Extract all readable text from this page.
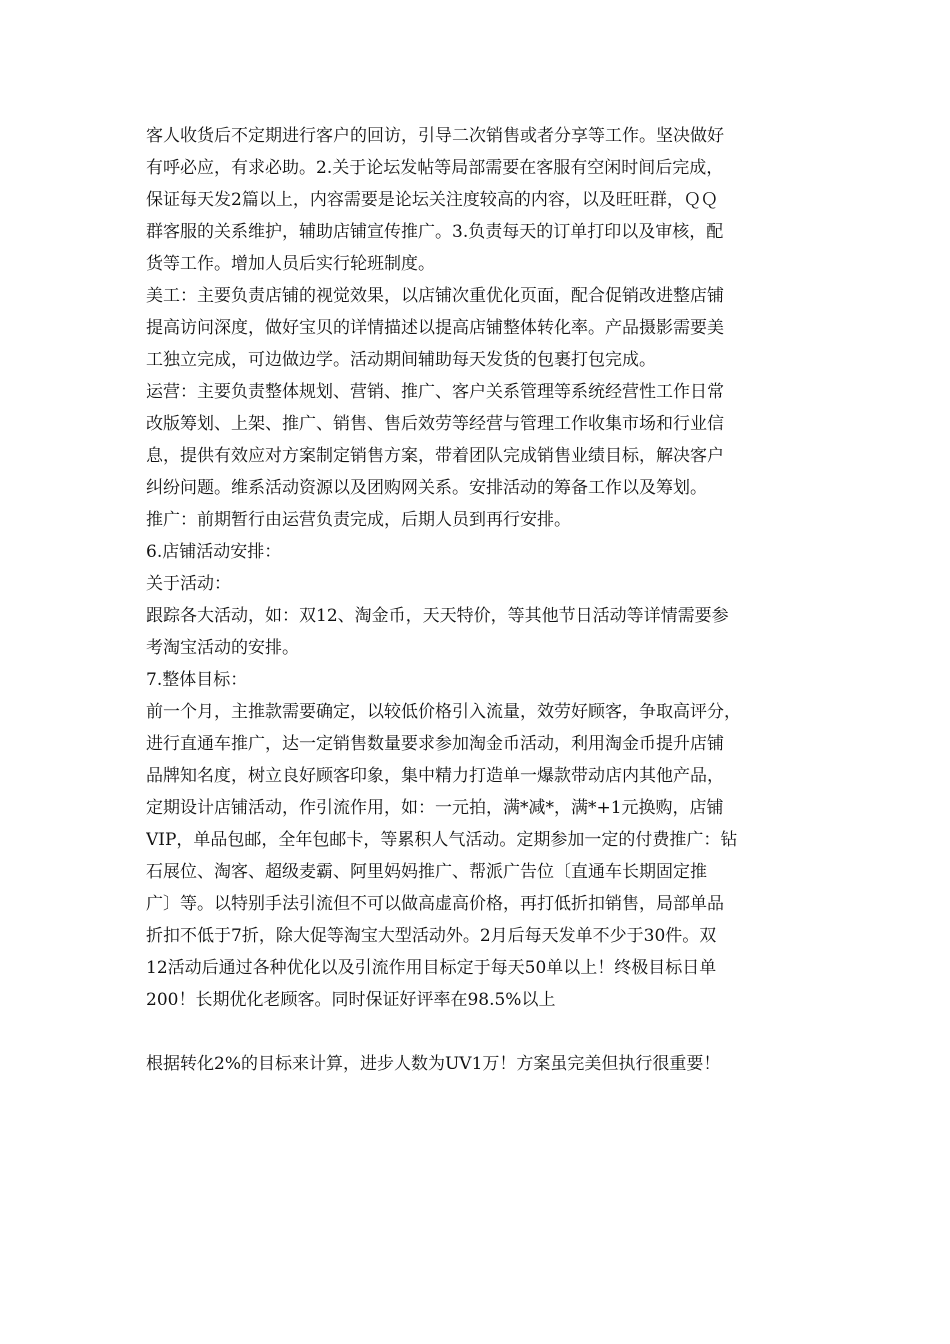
客人收货后不定期进行客户的回访，引导二次销售或者分享等工作。坚决做好
有呼必应，有求必助。2.关于论坛发帖等局部需要在客服有空闲时间后完成，
保证每天发2篇以上，内容需要是论坛关注度较高的内容，以及旺旺群，ＱＱ
群客服的关系维护，辅助店铺宣传推广。3.负责每天的订单打印以及审核，配
货等工作。增加人员后实行轮班制度。
美工：主要负责店铺的视觉效果，以店铺次重优化页面，配合促销改进整店铺
提高访问深度，做好宝贝的详情描述以提高店铺整体转化率。产品摄影需要美
工独立完成，可边做边学。活动期间辅助每天发货的包裹打包完成。
运营：主要负责整体规划、营销、推广、客户关系管理等系统经营性工作日常
改版筹划、上架、推广、销售、售后效劳等经营与管理工作收集市场和行业信
息，提供有效应对方案制定销售方案，带着团队完成销售业绩目标，解决客户
纠纷问题。维系活动资源以及团购网关系。安排活动的筹备工作以及筹划。
推广：前期暂行由运营负责完成，后期人员到再行安排。
6.店铺活动安排：
关于活动：
跟踪各大活动，如：双12、淘金币，天天特价，等其他节日活动等详情需要参
考淘宝活动的安排。
7.整体目标：
前一个月，主推款需要确定，以较低价格引入流量，效劳好顾客，争取高评分，
进行直通车推广，达一定销售数量要求参加淘金币活动，利用淘金币提升店铺
品牌知名度，树立良好顾客印象，集中精力打造单一爆款带动店内其他产品，
定期设计店铺活动，作引流作用，如：一元拍，满*减*，满*+1元换购，店铺
VIP，单品包邮，全年包邮卡，等累积人气活动。定期参加一定的付费推广：钻
石展位、淘客、超级麦霸、阿里妈妈推广、帮派广告位〔直通车长期固定推
广〕等。以特别手法引流但不可以做高虚高价格，再打低折扣销售，局部单品
折扣不低于7折，除大促等淘宝大型活动外。2月后每天发单不少于30件。双
12活动后通过各种优化以及引流作用目标定于每天50单以上！终极目标日单
200！长期优化老顾客。同时保证好评率在98.5%以上
根据转化2%的目标来计算，进步人数为UV1万！方案虽完美但执行很重要！
